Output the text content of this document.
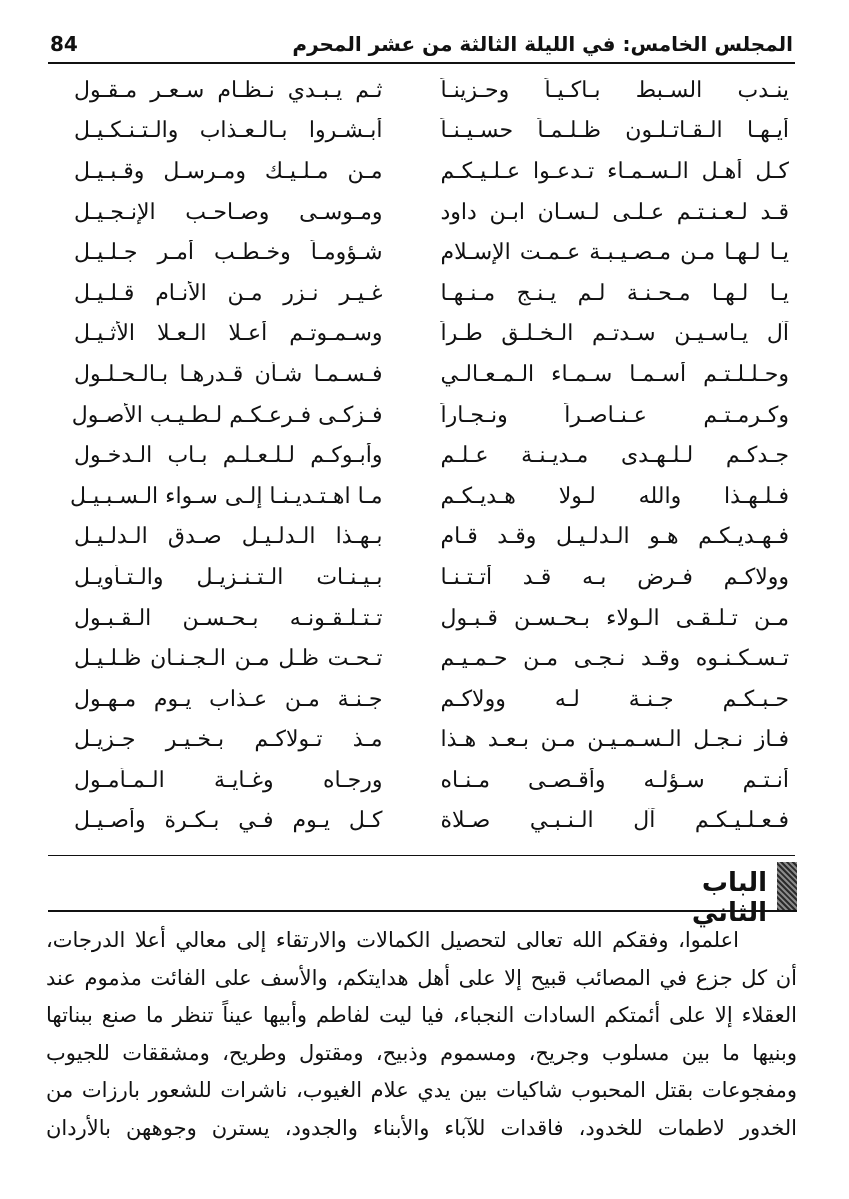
المجلس الخامس: في الليلة الثالثة من عشر المحرم
84
ينـدب السـبط بـاكـيـاً وحـزينـاً
ثـم يـبـدي نـظـام سـعـر مـقـول
أيـهـا الـقـاتـلـون ظـلـمـاً حسـيـنـاً
أبـشـروا بـالـعـذاب والـتـنـكـيـل
كـل أهـل الـسـمـاء تـدعـوا عـلـيـكـم
مـن مـلـيـك ومـرسـل وقـبـيـل
قـد لـعـنـتـم عـلـى لـسـان ابـن داود
ومـوسـى وصـاحـب الإنـجـيـل
يـا لـهـا مـن مـصـيـبـة عـمـت الإسـلام
شـؤومـاً وخـطـب أمـر جـلـيـل
يـا لـهـا مـحـنـة لـم يـنـج مـنـهـا
غـيـر نـزر مـن الأنـام قـلـيـل
آل يـاسـيـن سـدتـم الـخـلـق طـراً
وسـمـوتـم أعـلا الـعـلا الأثـيـل
وحـلـلـتـم أسـمـا سـمـاء الـمـعـالـي
فـسـمـا شـأن قـدرهـا بـالـحـلـول
وكـرمـتـم عـنـاصـراً ونـجـاراً
فـزكـى فـرعـكـم لـطـيـب الأصـول
جـدكـم لـلـهـدى مـديـنـة عـلـم
وأبـوكـم لـلـعـلـم بـاب الـدخـول
فـلـهـذا والله لـولا هـديـكـم
مـا اهـتـديـنـا إلـى سـواء الـسـبـيـل
فـهـديـكـم هـو الـدلـيـل وقـد قـام
بـهـذا الـدلـيـل صـدق الـدلـيـل
وولاكـم فـرض بـه قـد أتـتـنـا
بـيـنـات الـتـنـزيـل والـتـأويـل
مـن تـلـقـى الـولاء بـحـسـن قـبـول
تـتـلـقـونـه بـحـسـن الـقـبـول
تـسـكـنـوه وقـد نـجـى مـن حـمـيـم
تـحـت ظـل مـن الـجـنـان ظـلـيـل
حـبـكـم جـنـة لـه وولاكـم
جـنـة مـن عـذاب يـوم مـهـول
فـاز نـجـل الـسـمـيـن مـن بـعـد هـذا
مـذ تـولاكـم بـخـيـر جـزيـل
أنـتـم سـؤلـه وأقـصـى مـنـاه
ورجـاه وغـايـة الـمـأمـول
فـعـلـيـكـم آل الـنـبـي صـلاة
كـل يـوم فـي بـكـرة وأصـيـل
الباب الثاني
اعلموا، وفقكم الله تعالى لتحصيل الكمالات والارتقاء إلى معالي أعلا الدرجات،
أن كل جزع في المصائب قبيح إلا على أهل هدايتكم، والأسف على الفائت مذموم عند
العقلاء إلا على أئمتكم السادات النجباء، فيا ليت لفاطم وأبيها عيناً تنظر ما صنع ببناتها
وبنيها ما بين مسلوب وجريح، ومسموم وذبيح، ومقتول وطريح، ومشققات للجيوب
ومفجوعات بقتل المحبوب شاكيات بين يدي علام الغيوب، ناشرات للشعور بارزات من
الخدور لاطمات للخدود، فاقدات للآباء والأبناء والجدود، يسترن وجوههن بالأردان
